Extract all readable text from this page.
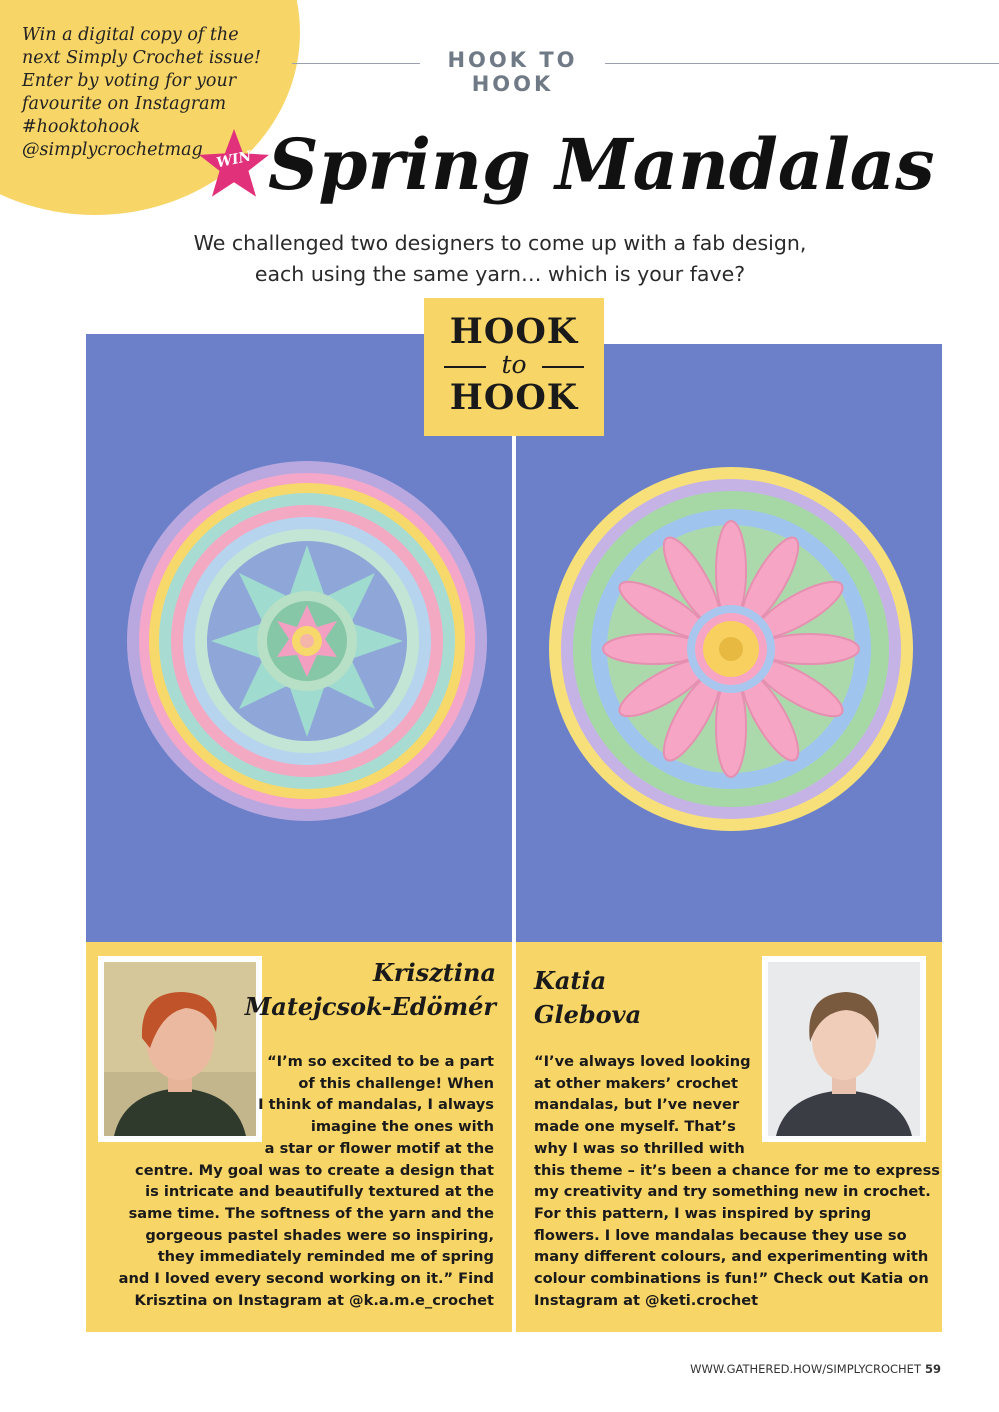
Win a digital copy of the
next Simply Crochet issue!
Enter by voting for your
favourite on Instagram
#hooktohook
@simplycrochetmag WIN
HOOK TO HOOK
Spring Mandalas
We challenged two designers to come up with a fab design,
each using the same yarn… which is your fave?
HOOK
to
HOOK
Krisztina
Matejcsok-Edömér
“I’m so excited to be a part
of this challenge! When
I think of mandalas, I always
imagine the ones with
a star or flower motif at the
centre. My goal was to create a design that
is intricate and beautifully textured at the
same time. The softness of the yarn and the
gorgeous pastel shades were so inspiring,
they immediately reminded me of spring
and I loved every second working on it.” Find
Krisztina on Instagram at @k.a.m.e_crochet
Katia
Glebova
“I’ve always loved looking
at other makers’ crochet
mandalas, but I’ve never
made one myself. That’s
why I was so thrilled with
this theme – it’s been a chance for me to express
my creativity and try something new in crochet.
For this pattern, I was inspired by spring
flowers. I love mandalas because they use so
many different colours, and experimenting with
colour combinations is fun!” Check out Katia on
Instagram at @keti.crochet
WWW.GATHERED.HOW/SIMPLYCROCHET 59
